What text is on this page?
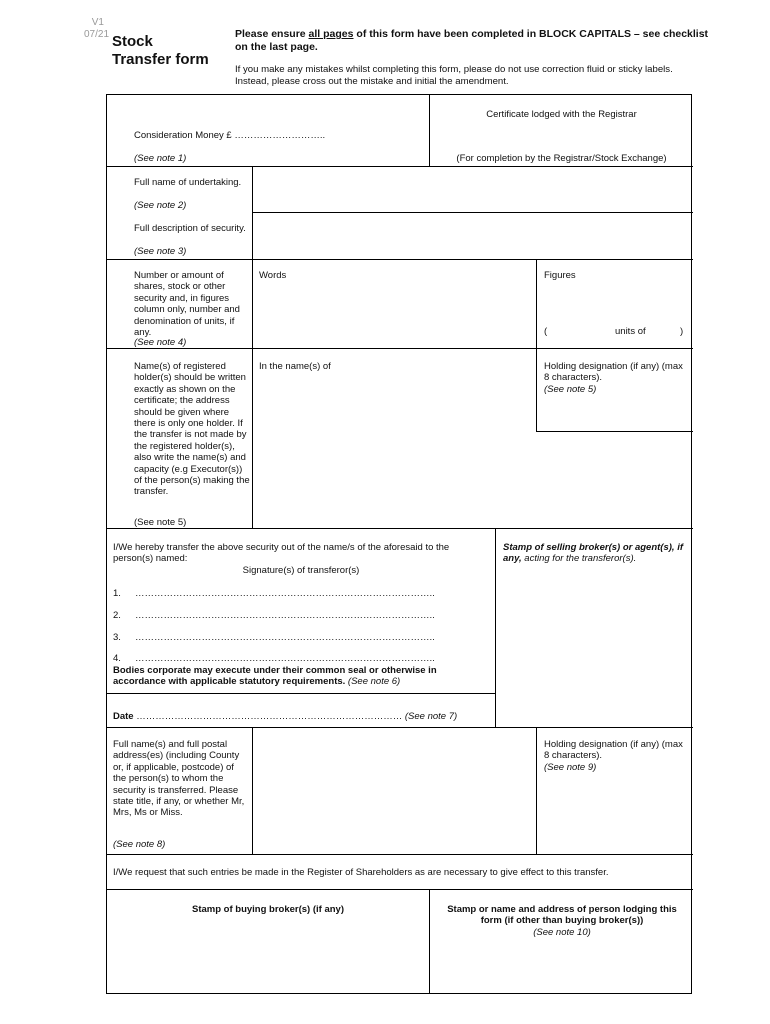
V1
07/21 Stock
Transfer form
Please ensure all pages of this form have been completed in BLOCK CAPITALS – see checklist on the last page.
If you make any mistakes whilst completing this form, please do not use correction fluid or sticky labels. Instead, please cross out the mistake and initial the amendment.
Consideration Money £ ………………………..
(See note 1)
Certificate lodged with the Registrar
(For completion by the Registrar/Stock Exchange)
Full name of undertaking.
(See note 2)
Full description of security.
(See note 3)
Number or amount of shares, stock or other security and, in figures column only, number and denomination of units, if any.
(See note 4)
Words	Figures
(	units of	)
Name(s) of registered holder(s) should be written exactly as shown on the certificate; the address should be given where there is only one holder. If the transfer is not made by the registered holder(s), also write the name(s) and capacity (e.g Executor(s)) of the person(s) making the transfer.
(See note 5)
In the name(s) of	Holding designation (if any) (max 8 characters).
(See note 5)
I/We hereby transfer the above security out of the name/s of the aforesaid to the person(s) named:
Signature(s) of transferor(s)
1. …………………………………………………………………………………..
2. …………………………………………………………………………………..
3. …………………………………………………………………………………..
4. …………………………………………………………………………………..
Bodies corporate may execute under their common seal or otherwise in accordance with applicable statutory requirements. (See note 6)
Stamp of selling broker(s) or agent(s), if any, acting for the transferor(s).
Date ………………………………………………………………………… (See note 7)
Full name(s) and full postal address(es) (including County or, if applicable, postcode) of the person(s) to whom the security is transferred. Please state title, if any, or whether Mr, Mrs, Ms or Miss.
(See note 8)
Holding designation (if any) (max 8 characters).
(See note 9)
I/We request that such entries be made in the Register of Shareholders as are necessary to give effect to this transfer.
Stamp of buying broker(s) (if any)	Stamp or name and address of person lodging this form (if other than buying broker(s))
(See note 10)
